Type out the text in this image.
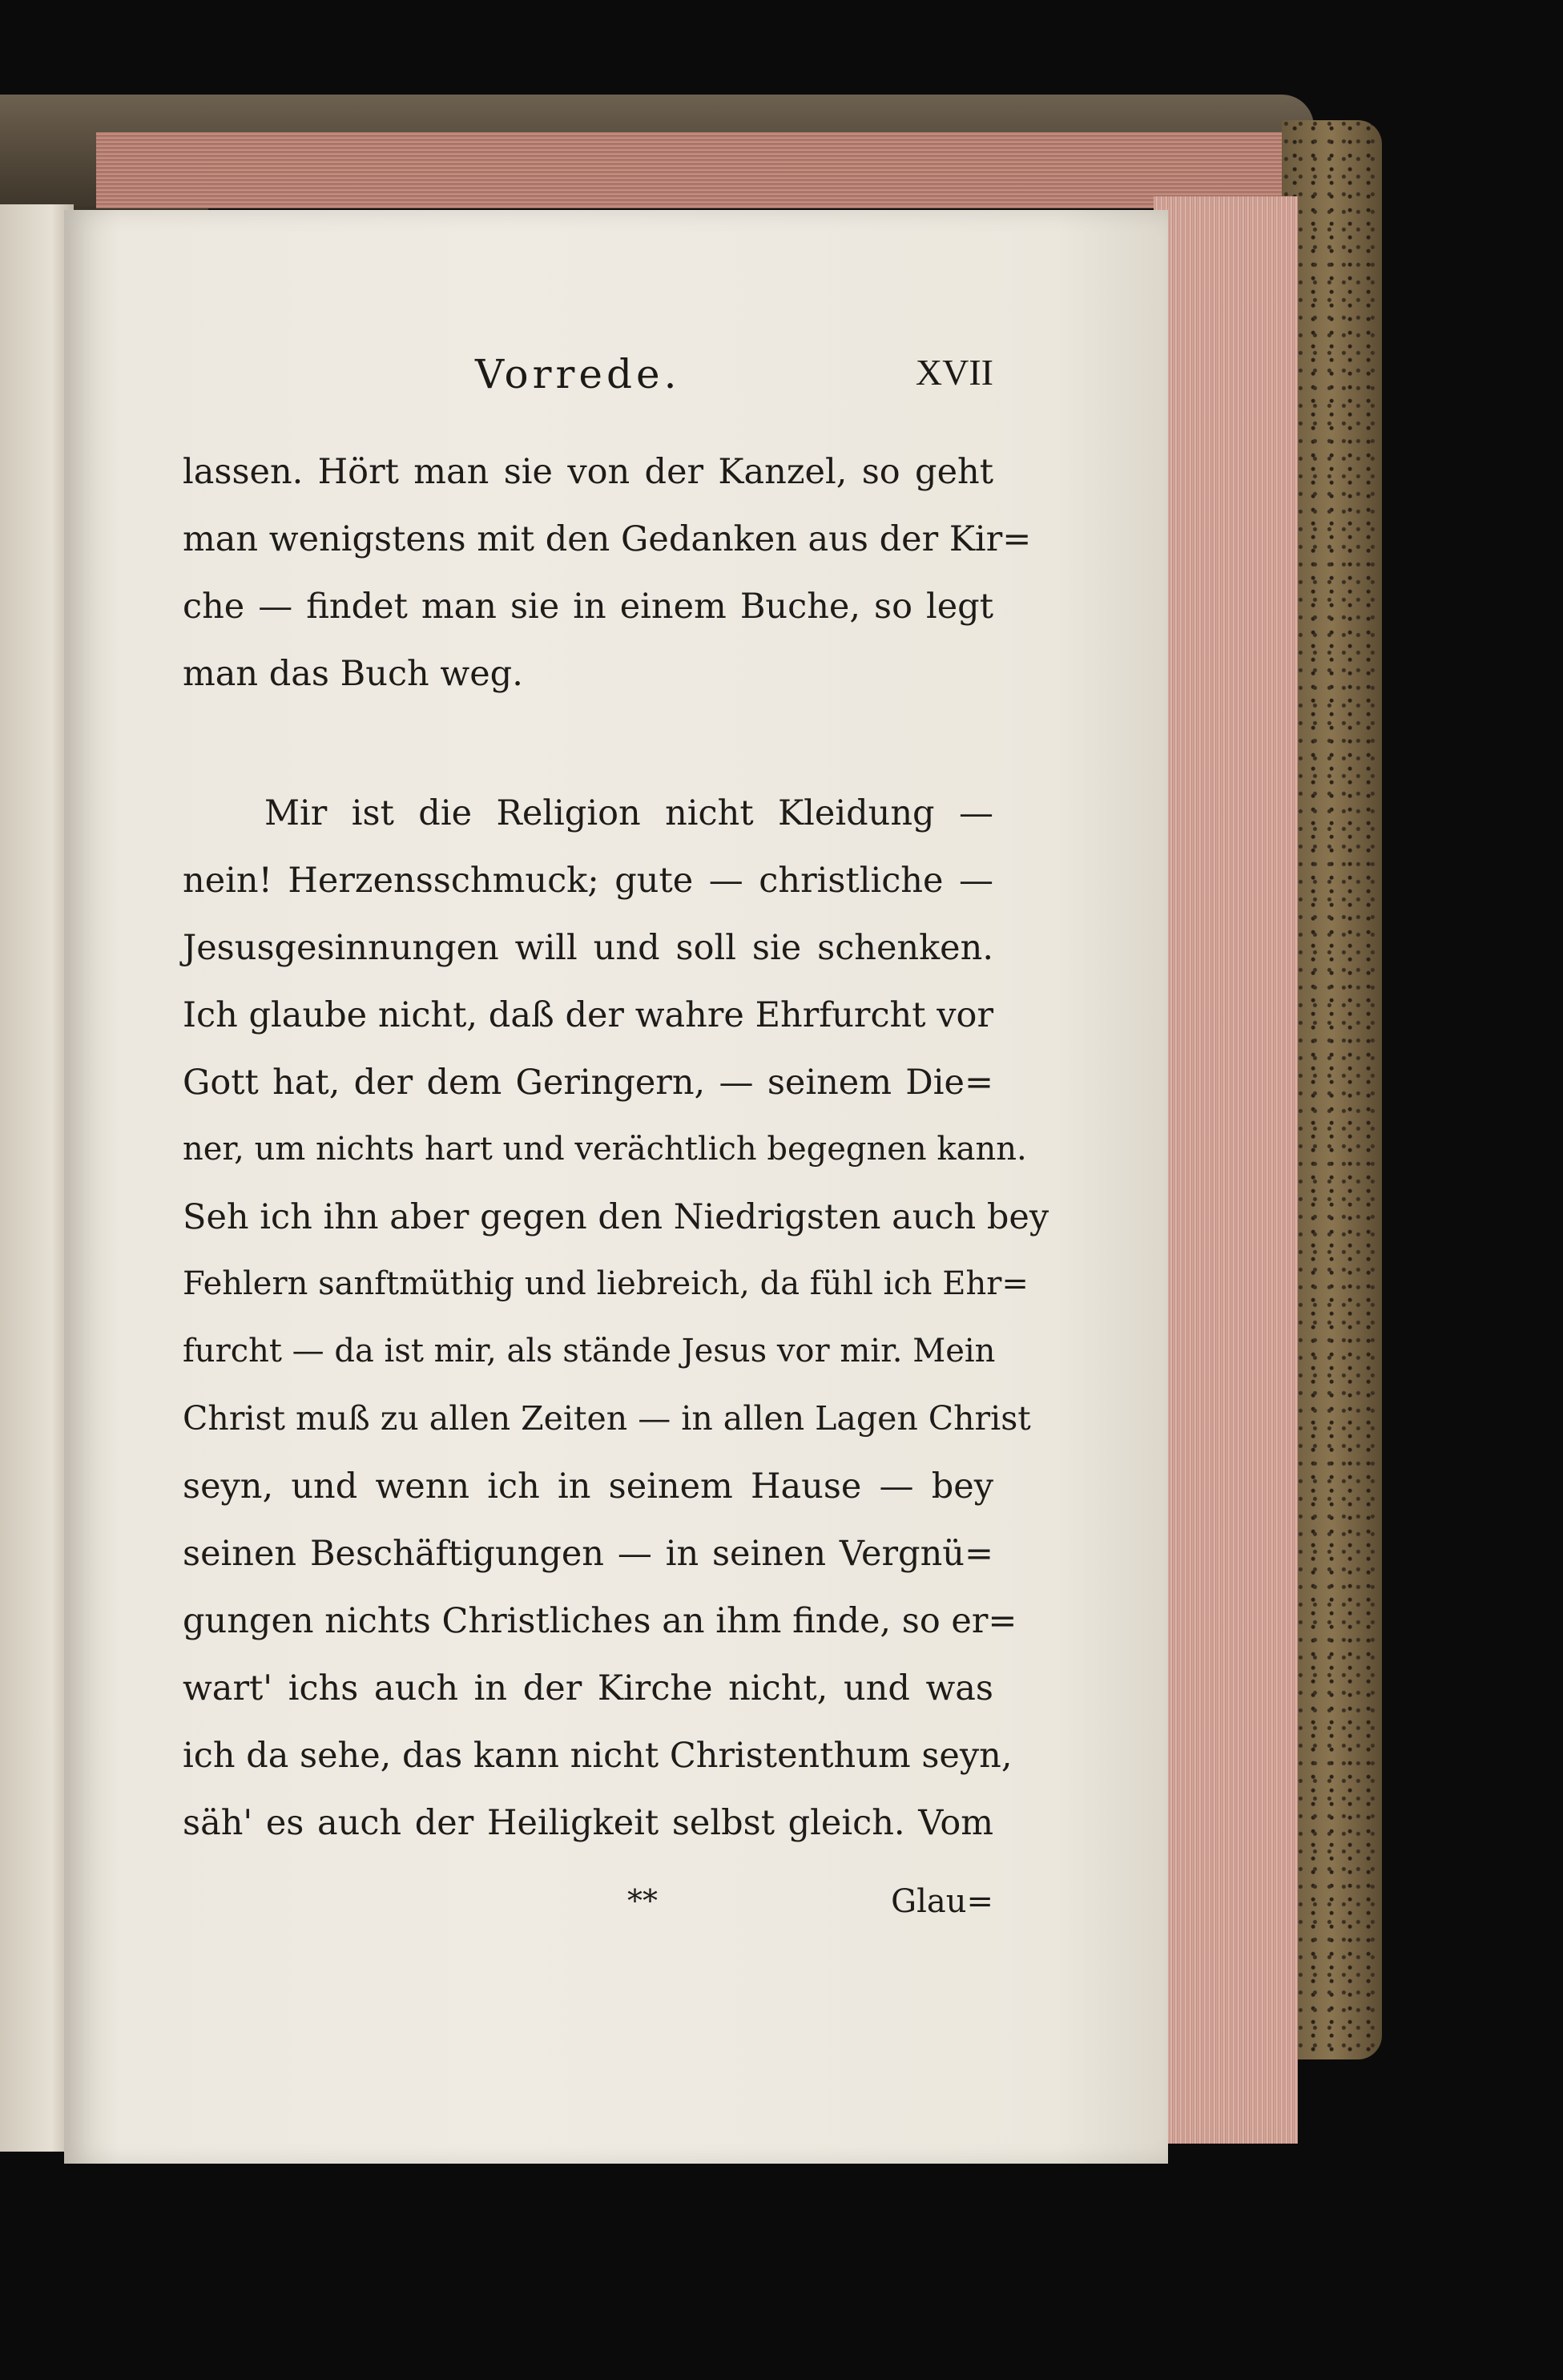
Vorrede.	XVII
lassen. Hört man sie von der Kanzel, so geht
man wenigstens mit den Gedanken aus der Kir=
che — findet man sie in einem Buche, so legt
man das Buch weg.
Mir ist die Religion nicht Kleidung —
nein! Herzensschmuck; gute — christliche —
Jesusgesinnungen will und soll sie schenken.
Ich glaube nicht, daß der wahre Ehrfurcht vor
Gott hat, der dem Geringern, — seinem Die=
ner, um nichts hart und verächtlich begegnen kann.
Seh ich ihn aber gegen den Niedrigsten auch bey
Fehlern sanftmüthig und liebreich, da fühl ich Ehr=
furcht — da ist mir, als stände Jesus vor mir. Mein
Christ muß zu allen Zeiten — in allen Lagen Christ
seyn, und wenn ich in seinem Hause — bey
seinen Beschäftigungen — in seinen Vergnü=
gungen nichts Christliches an ihm finde, so er=
wart' ichs auch in der Kirche nicht, und was
ich da sehe, das kann nicht Christenthum seyn,
säh' es auch der Heiligkeit selbst gleich. Vom
**	Glau=
